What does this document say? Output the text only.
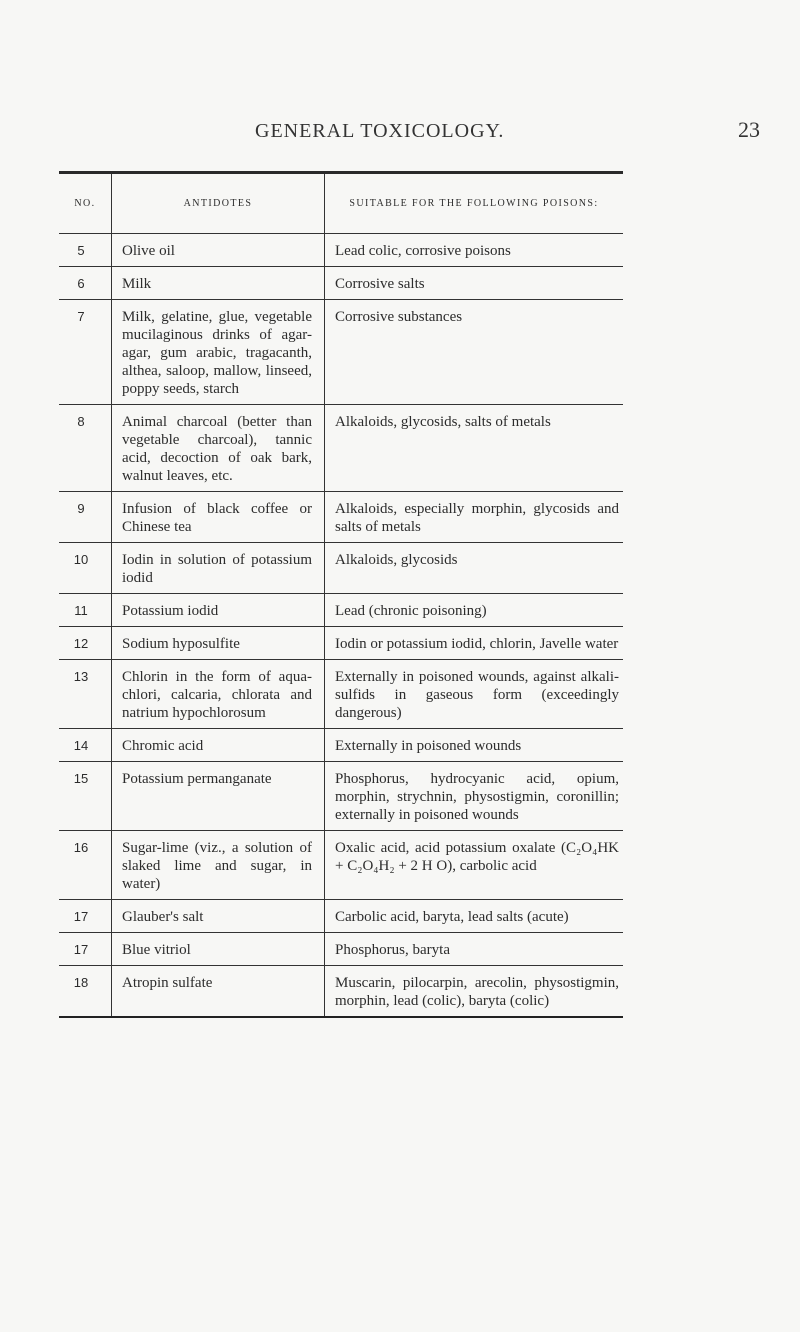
GENERAL TOXICOLOGY.	23
NO.	ANTIDOTES	SUITABLE FOR THE FOLLOWING POISONS:
5	Olive oil	Lead colic, corrosive poisons
6	Milk	Corrosive salts
7	Milk, gelatine, glue, vegetable mucilaginous drinks of agar-agar, gum arabic, tragacanth, althea, saloop, mallow, linseed, poppy seeds, starch	Corrosive substances
8	Animal charcoal (better than vegetable charcoal), tannic acid, decoction of oak bark, walnut leaves, etc.	Alkaloids, glycosids, salts of metals
9	Infusion of black coffee or Chinese tea	Alkaloids, especially morphin, glycosids and salts of metals
10	Iodin in solution of potassium iodid	Alkaloids, glycosids
11	Potassium iodid	Lead (chronic poisoning)
12	Sodium hyposulfite	Iodin or potassium iodid, chlorin, Javelle water
13	Chlorin in the form of aqua-chlori, calcaria, chlorata and natrium hypochlorosum	Externally in poisoned wounds, against alkali-sulfids in gaseous form (exceedingly dangerous)
14	Chromic acid	Externally in poisoned wounds
15	Potassium permanganate	Phosphorus, hydrocyanic acid, opium, morphin, strychnin, physostigmin, coronillin; externally in poisoned wounds
16	Sugar-lime (viz., a solution of slaked lime and sugar, in water)	Oxalic acid, acid potassium oxalate (C₂O₄HK + C₂O₄H₂ + 2 H O), carbolic acid
17	Glauber's salt	Carbolic acid, baryta, lead salts (acute)
17	Blue vitriol	Phosphorus, baryta
18	Atropin sulfate	Muscarin, pilocarpin, arecolin, physostigmin, morphin, lead (colic), baryta (colic)
